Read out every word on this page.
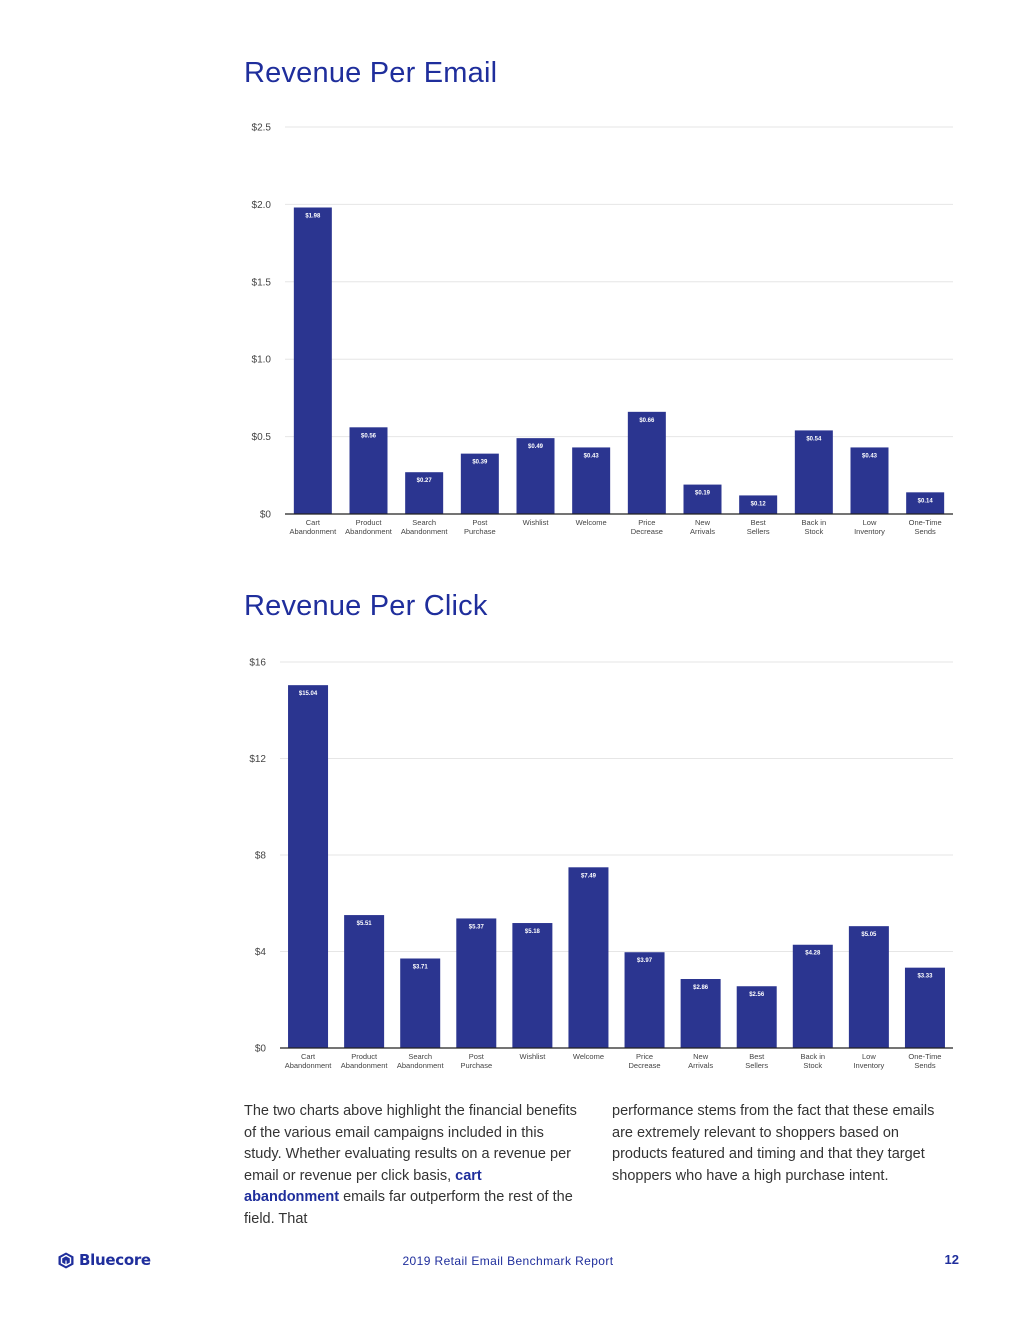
Revenue Per Email
$0
$0.5
$1.0
$1.5
$2.0
$2.5
$1.98
Cart
Abandonment
$0.56
Product
Abandonment
$0.27
Search
Abandonment
$0.39
Post
Purchase
$0.49
Wishlist
$0.43
Welcome
$0.66
Price
Decrease
$0.19
New
Arrivals
$0.12
Best
Sellers
$0.54
Back in
Stock
$0.43
Low
Inventory
$0.14
One-Time
Sends
Revenue Per Click
$0
$4
$8
$12
$16
$15.04
Cart
Abandonment
$5.51
Product
Abandonment
$3.71
Search
Abandonment
$5.37
Post
Purchase
$5.18
Wishlist
$7.49
Welcome
$3.97
Price
Decrease
$2.86
New
Arrivals
$2.56
Best
Sellers
$4.28
Back in
Stock
$5.05
Low
Inventory
$3.33
One-Time
Sends

The two charts above highlight the financial benefits of the various email campaigns included in this study. Whether evaluating results on a revenue per email or revenue per click basis, cart abandonment emails far outperform the rest of the field. That

performance stems from the fact that these emails are extremely relevant to shoppers based on products featured and timing and that they target shoppers who have a high purchase intent.

Bluecore	2019 Retail Email Benchmark Report	12
